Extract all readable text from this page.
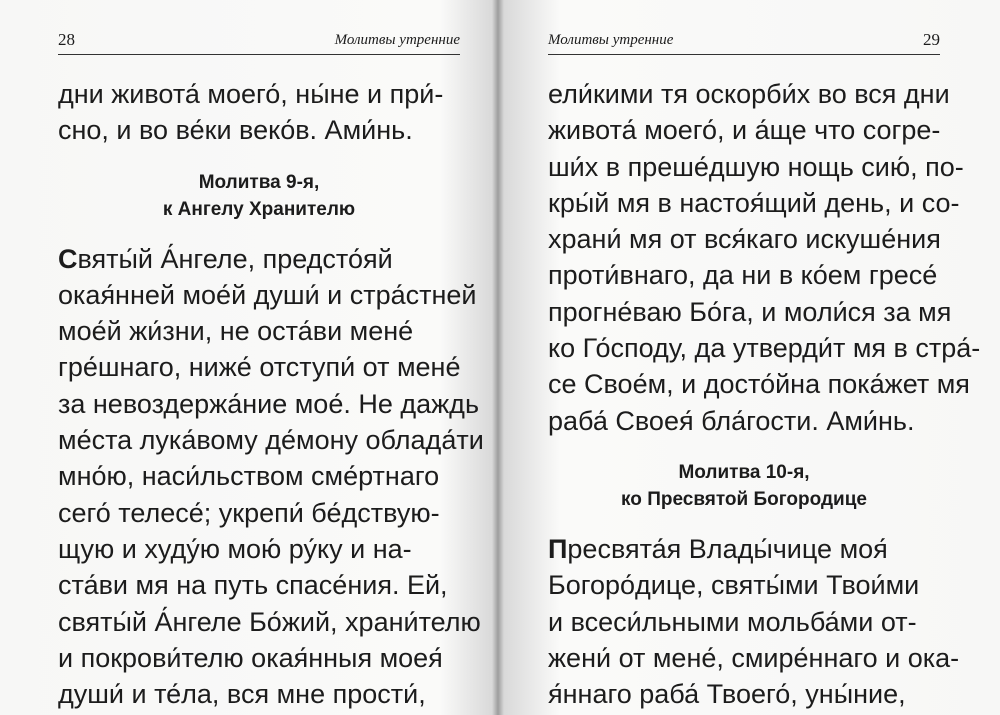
28	Молитвы утренние
дни живота́ моего́, ны́не и при́-
сно, и во ве́ки веко́в. Ами́нь.
Молитва 9-я,
к Ангелу Хранителю
Святы́й А́нгеле, предсто́яй
окая́нней мое́й души́ и стра́стней
мое́й жи́зни, не оста́ви мене́
гре́шнаго, ниже́ отступи́ от мене́
за невоздержа́ние мое́. Не даждь
ме́ста лука́вому де́мону облада́ти
мно́ю, наси́льством сме́ртнаго
сего́ телесе́; укрепи́ бе́дствую-
щую и худу́ю мою́ ру́ку и на-
ста́ви мя на путь спасе́ния. Ей,
святы́й А́нгеле Бо́жий, храни́телю
и покрови́телю окая́нныя моея́
души́ и те́ла, вся мне прости́,
Молитвы утренние	29
ели́кими тя оскорби́х во вся дни
живота́ моего́, и а́ще что согре-
ши́х в преше́дшую нощь сию́, по-
кры́й мя в настоя́щий день, и со-
храни́ мя от вся́каго искуше́ния
проти́внаго, да ни в ко́ем гресе́
прогне́ваю Бо́га, и моли́ся за мя
ко Го́споду, да утверди́т мя в стра́-
се Свое́м, и досто́йна пока́жет мя
раба́ Своея́ бла́гости. Ами́нь.
Молитва 10-я,
ко Пресвятой Богородице
Пресвята́я Влады́чице моя́
Богоро́дице, святы́ми Твои́ми
и всеси́льными мольба́ми от-
жени́ от мене́, смире́ннаго и ока-
я́ннаго раба́ Твоего́, уны́ние,
